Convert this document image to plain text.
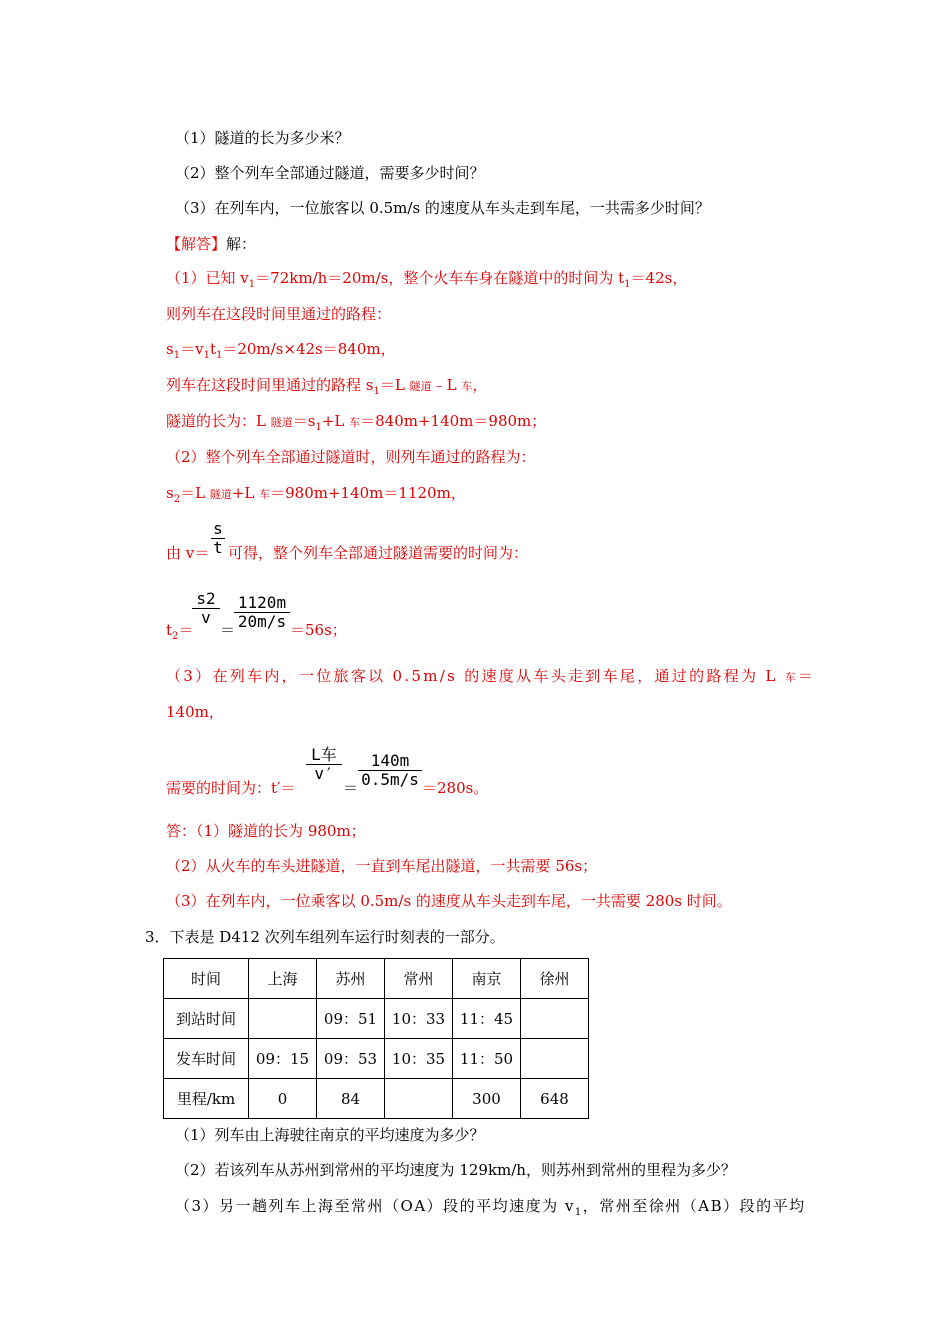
（1）隧道的长为多少米？
（2）整个列车全部通过隧道，需要多少时间？
（3）在列车内，一位旅客以 0.5m/s 的速度从车头走到车尾，一共需多少时间？
【解答】解：
（1）已知 $v_1=72km/h=20m/s$，整个火车车身在隧道中的时间为 $t_1=42s$，
则列车在这段时间里通过的路程：
$s_1=v_1t_1=20m/s\times 42s=840m$，
列车在这段时间里通过的路程 $s_1=L$ 隧道﹣L 车，
隧道的长为：L 隧道$=s_1+L$ 车＝840m+140m＝980m；
（2）整个列车全部通过隧道时，则列车通过的路程为：
$s_2=L$ 隧道+L 车＝980m+140m＝1120m，
由 v＝
s
t 可得，整个列车全部通过隧道需要的时间为：
$t_2=$
s2
v
＝
1120m
20m/s ＝56s；
（3）在列车内，一位旅客以 0.5m/s 的速度从车头走到车尾，通过的路程为 L 车＝
140m，
需要的时间为：t′＝
L车
v′
＝
140m
0.5m/s ＝280s。
答：（1）隧道的长为 980m；
（2）从火车的车头进隧道，一直到车尾出隧道，一共需要 56s；
（3）在列车内，一位乘客以 0.5m/s 的速度从车头走到车尾，一共需要 280s 时间。
3．下表是 D412 次列车组列车运行时刻表的一部分。
时间	上海	苏州	常州	南京	徐州
到站时间		09：51	10：33	11：45	
发车时间	09：15	09：53	10：35	11：50	
里程/km	0	84		300	648
（1）列车由上海驶往南京的平均速度为多少？
（2）若该列车从苏州到常州的平均速度为 129km/h，则苏州到常州的里程为多少？
（3）另一趟列车上海至常州（OA）段的平均速度为 $v_1$，常州至徐州（AB）段的平均
